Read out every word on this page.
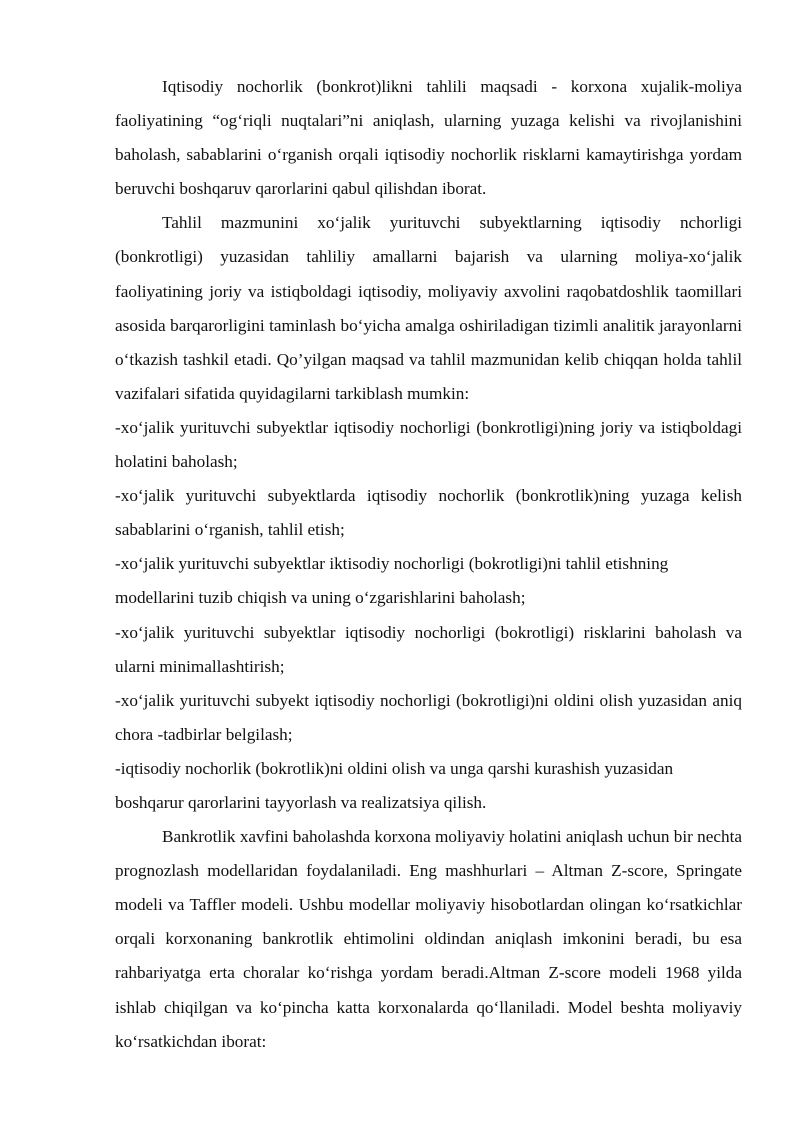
Iqtisodiy nochorlik (bonkrot)likni tahlili maqsadi - korxona xujalik-moliya faoliyatining “ogʻriqli nuqtalari”ni aniqlash, ularning yuzaga kelishi va rivojlanishini baholash, sabablarini oʻrganish orqali iqtisodiy nochorlik risklarni kamaytirishga yordam beruvchi boshqaruv qarorlarini qabul qilishdan iborat.

Tahlil mazmunini xoʻjalik yurituvchi subyektlarning iqtisodiy nchorligi (bonkrotligi) yuzasidan tahliliy amallarni bajarish va ularning moliya-xoʻjalik faoliyatining joriy va istiqboldagi iqtisodiy, moliyaviy axvolini raqobatdoshlik taomillari asosida barqarorligini taminlash boʻyicha amalga oshiriladigan tizimli analitik jarayonlarni oʻtkazish tashkil etadi. Qo’yilgan maqsad va tahlil mazmunidan kelib chiqqan holda tahlil vazifalari sifatida quyidagilarni tarkiblash mumkin:

-xoʻjalik yurituvchi subyektlar iqtisodiy nochorligi (bonkrotligi)ning joriy va istiqboldagi holatini baholash;

-xoʻjalik yurituvchi subyektlarda iqtisodiy nochorlik (bonkrotlik)ning yuzaga kelish sabablarini oʻrganish, tahlil etish;

-xoʻjalik yurituvchi subyektlar iktisodiy nochorligi (bokrotligi)ni tahlil etishning modellarini tuzib chiqish va uning oʻzgarishlarini baholash;

-xoʻjalik yurituvchi subyektlar iqtisodiy nochorligi (bokrotligi) risklarini baholash va ularni minimallashtirish;

-xoʻjalik yurituvchi subyekt iqtisodiy nochorligi (bokrotligi)ni oldini olish yuzasidan aniq chora -tadbirlar belgilash;

-iqtisodiy nochorlik (bokrotlik)ni oldini olish va unga qarshi kurashish yuzasidan boshqarur qarorlarini tayyorlash va realizatsiya qilish.

Bankrotlik xavfini baholashda korxona moliyaviy holatini aniqlash uchun bir nechta prognozlash modellaridan foydalaniladi. Eng mashhurlari – Altman Z-score, Springate modeli va Taffler modeli. Ushbu modellar moliyaviy hisobotlardan olingan koʻrsatkichlar orqali korxonaning bankrotlik ehtimolini oldindan aniqlash imkonini beradi, bu esa rahbariyatga erta choralar koʻrishga yordam beradi.Altman Z-score modeli 1968 yilda ishlab chiqilgan va koʻpincha katta korxonalarda qoʻllaniladi. Model beshta moliyaviy koʻrsatkichdan iborat:
